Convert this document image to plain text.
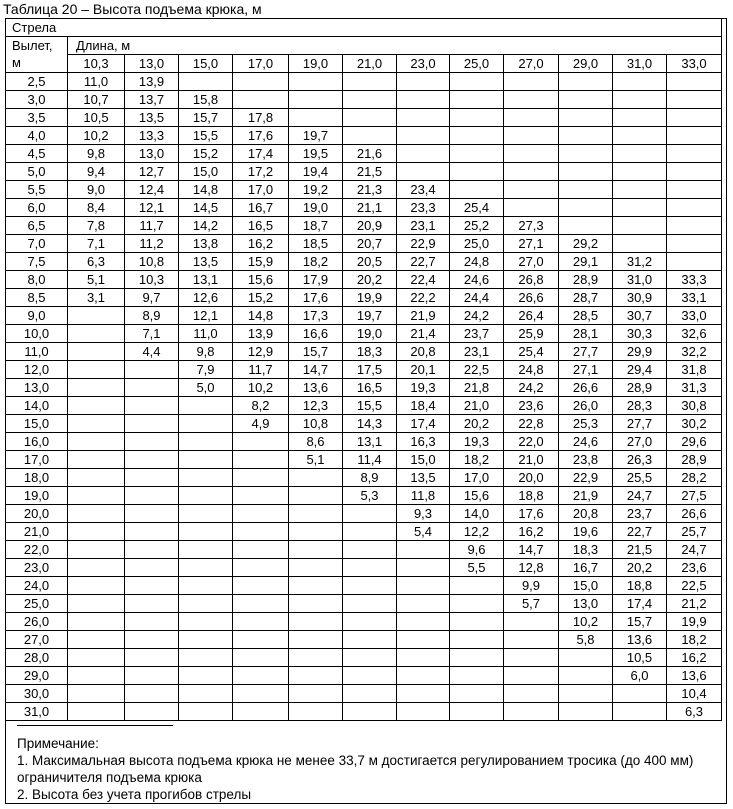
Таблица 20 – Высота подъема крюка, м
Стрела												
Вылет,
м	Длина, м											
	10,3	13,0	15,0	17,0	19,0	21,0	23,0	25,0	27,0	29,0	31,0	33,0
2,5	11,0	13,9										
3,0	10,7	13,7	15,8									
3,5	10,5	13,5	15,7	17,8								
4,0	10,2	13,3	15,5	17,6	19,7							
4,5	9,8	13,0	15,2	17,4	19,5	21,6						
5,0	9,4	12,7	15,0	17,2	19,4	21,5						
5,5	9,0	12,4	14,8	17,0	19,2	21,3	23,4					
6,0	8,4	12,1	14,5	16,7	19,0	21,1	23,3	25,4				
6,5	7,8	11,7	14,2	16,5	18,7	20,9	23,1	25,2	27,3			
7,0	7,1	11,2	13,8	16,2	18,5	20,7	22,9	25,0	27,1	29,2		
7,5	6,3	10,8	13,5	15,9	18,2	20,5	22,7	24,8	27,0	29,1	31,2	
8,0	5,1	10,3	13,1	15,6	17,9	20,2	22,4	24,6	26,8	28,9	31,0	33,3
8,5	3,1	9,7	12,6	15,2	17,6	19,9	22,2	24,4	26,6	28,7	30,9	33,1
9,0		8,9	12,1	14,8	17,3	19,7	21,9	24,2	26,4	28,5	30,7	33,0
10,0		7,1	11,0	13,9	16,6	19,0	21,4	23,7	25,9	28,1	30,3	32,6
11,0		4,4	9,8	12,9	15,7	18,3	20,8	23,1	25,4	27,7	29,9	32,2
12,0			7,9	11,7	14,7	17,5	20,1	22,5	24,8	27,1	29,4	31,8
13,0			5,0	10,2	13,6	16,5	19,3	21,8	24,2	26,6	28,9	31,3
14,0				8,2	12,3	15,5	18,4	21,0	23,6	26,0	28,3	30,8
15,0				4,9	10,8	14,3	17,4	20,2	22,8	25,3	27,7	30,2
16,0					8,6	13,1	16,3	19,3	22,0	24,6	27,0	29,6
17,0					5,1	11,4	15,0	18,2	21,0	23,8	26,3	28,9
18,0						8,9	13,5	17,0	20,0	22,9	25,5	28,2
19,0						5,3	11,8	15,6	18,8	21,9	24,7	27,5
20,0							9,3	14,0	17,6	20,8	23,7	26,6
21,0							5,4	12,2	16,2	19,6	22,7	25,7
22,0								9,6	14,7	18,3	21,5	24,7
23,0								5,5	12,8	16,7	20,2	23,6
24,0									9,9	15,0	18,8	22,5
25,0									5,7	13,0	17,4	21,2
26,0										10,2	15,7	19,9
27,0										5,8	13,6	18,2
28,0											10,5	16,2
29,0											6,0	13,6
30,0												10,4
31,0												6,3
Примечание:
1. Максимальная высота подъема крюка не менее 33,7 м достигается регулированием тросика (до 400 мм) ограничителя подъема крюка
2. Высота без учета прогибов стрелы
